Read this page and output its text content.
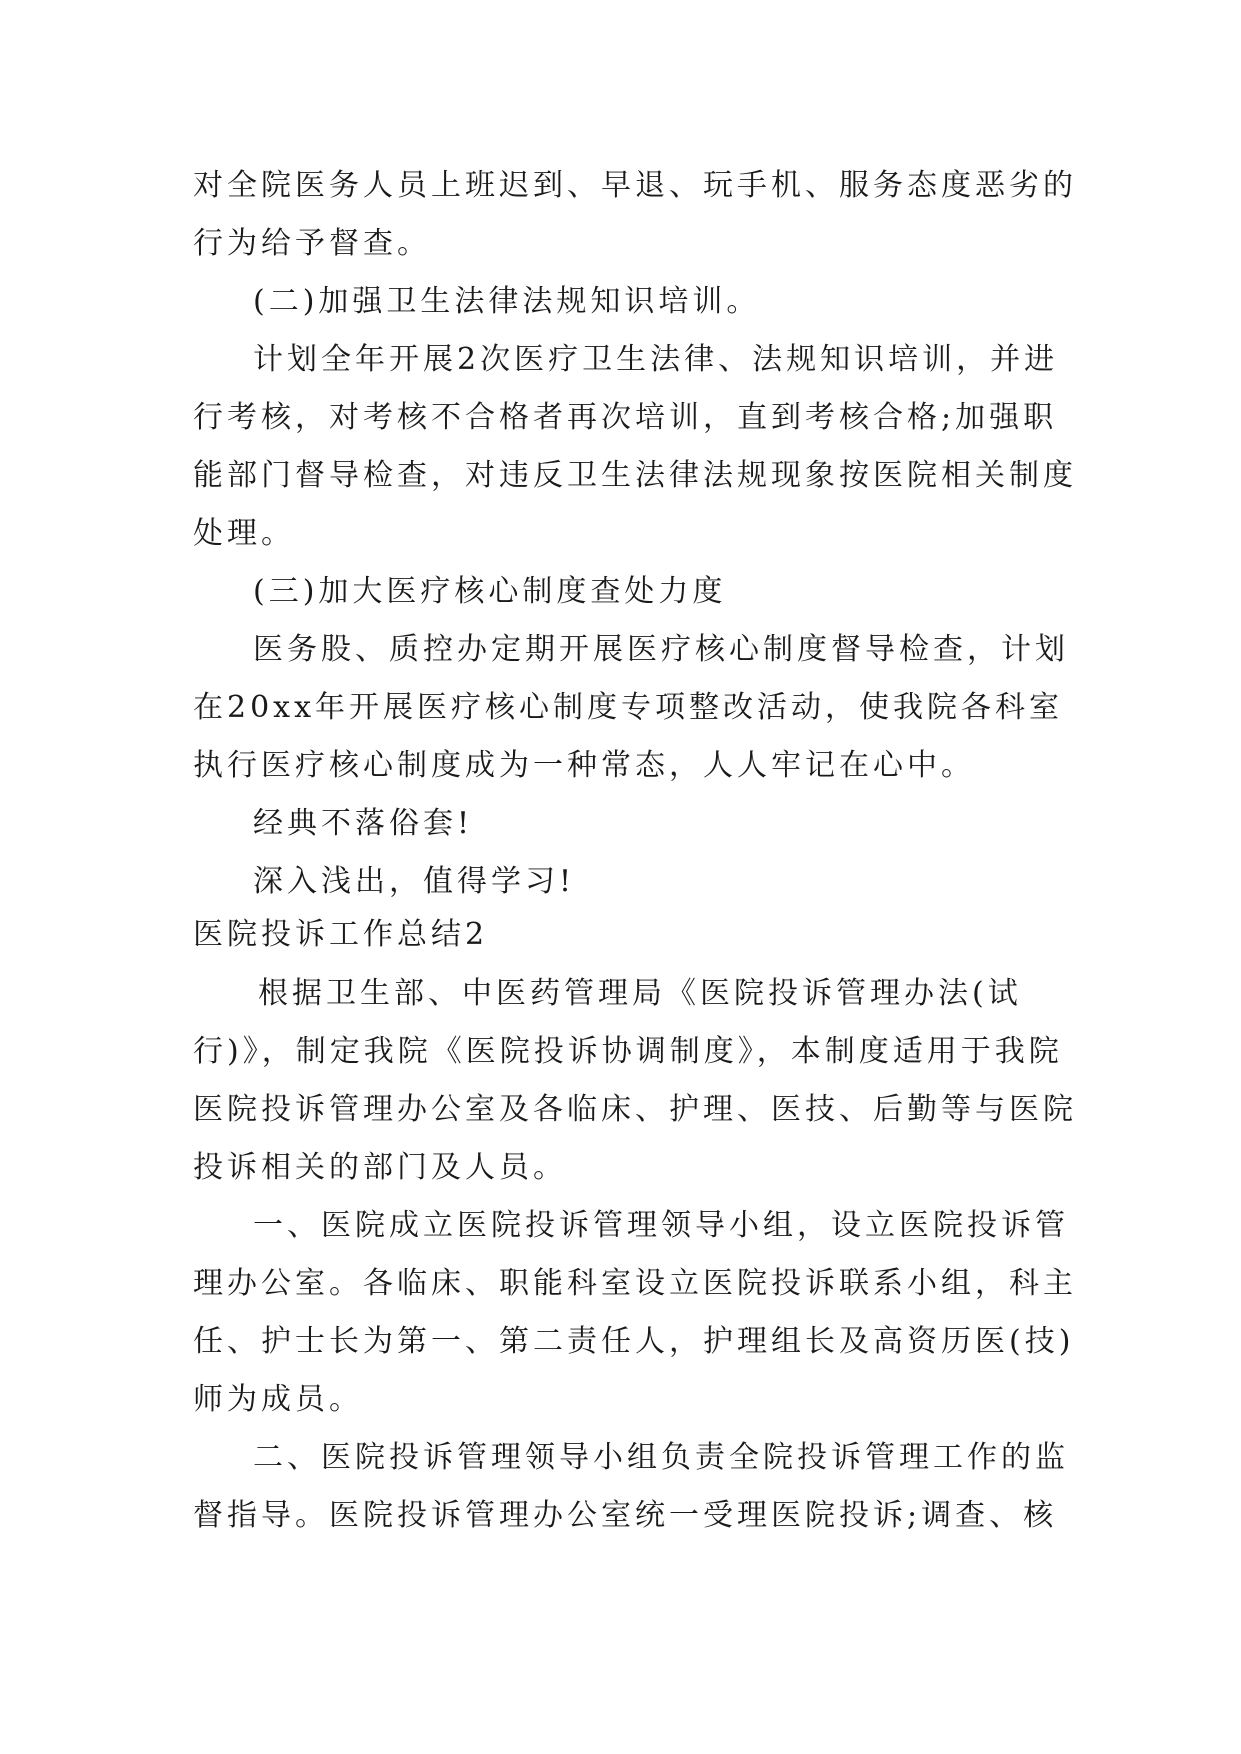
对全院医务人员上班迟到、早退、玩手机、服务态度恶劣的
行为给予督查。
(二)加强卫生法律法规知识培训。
计划全年开展2次医疗卫生法律、法规知识培训，并进
行考核，对考核不合格者再次培训，直到考核合格;加强职
能部门督导检查，对违反卫生法律法规现象按医院相关制度
处理。
(三)加大医疗核心制度查处力度
医务股、质控办定期开展医疗核心制度督导检查，计划
在20xx年开展医疗核心制度专项整改活动，使我院各科室
执行医疗核心制度成为一种常态，人人牢记在心中。
经典不落俗套!
深入浅出，值得学习!
医院投诉工作总结2
根据卫生部、中医药管理局《医院投诉管理办法(试
行)》，制定我院《医院投诉协调制度》，本制度适用于我院
医院投诉管理办公室及各临床、护理、医技、后勤等与医院
投诉相关的部门及人员。
一、医院成立医院投诉管理领导小组，设立医院投诉管
理办公室。各临床、职能科室设立医院投诉联系小组，科主
任、护士长为第一、第二责任人，护理组长及高资历医(技)
师为成员。
二、医院投诉管理领导小组负责全院投诉管理工作的监
督指导。医院投诉管理办公室统一受理医院投诉;调查、核
